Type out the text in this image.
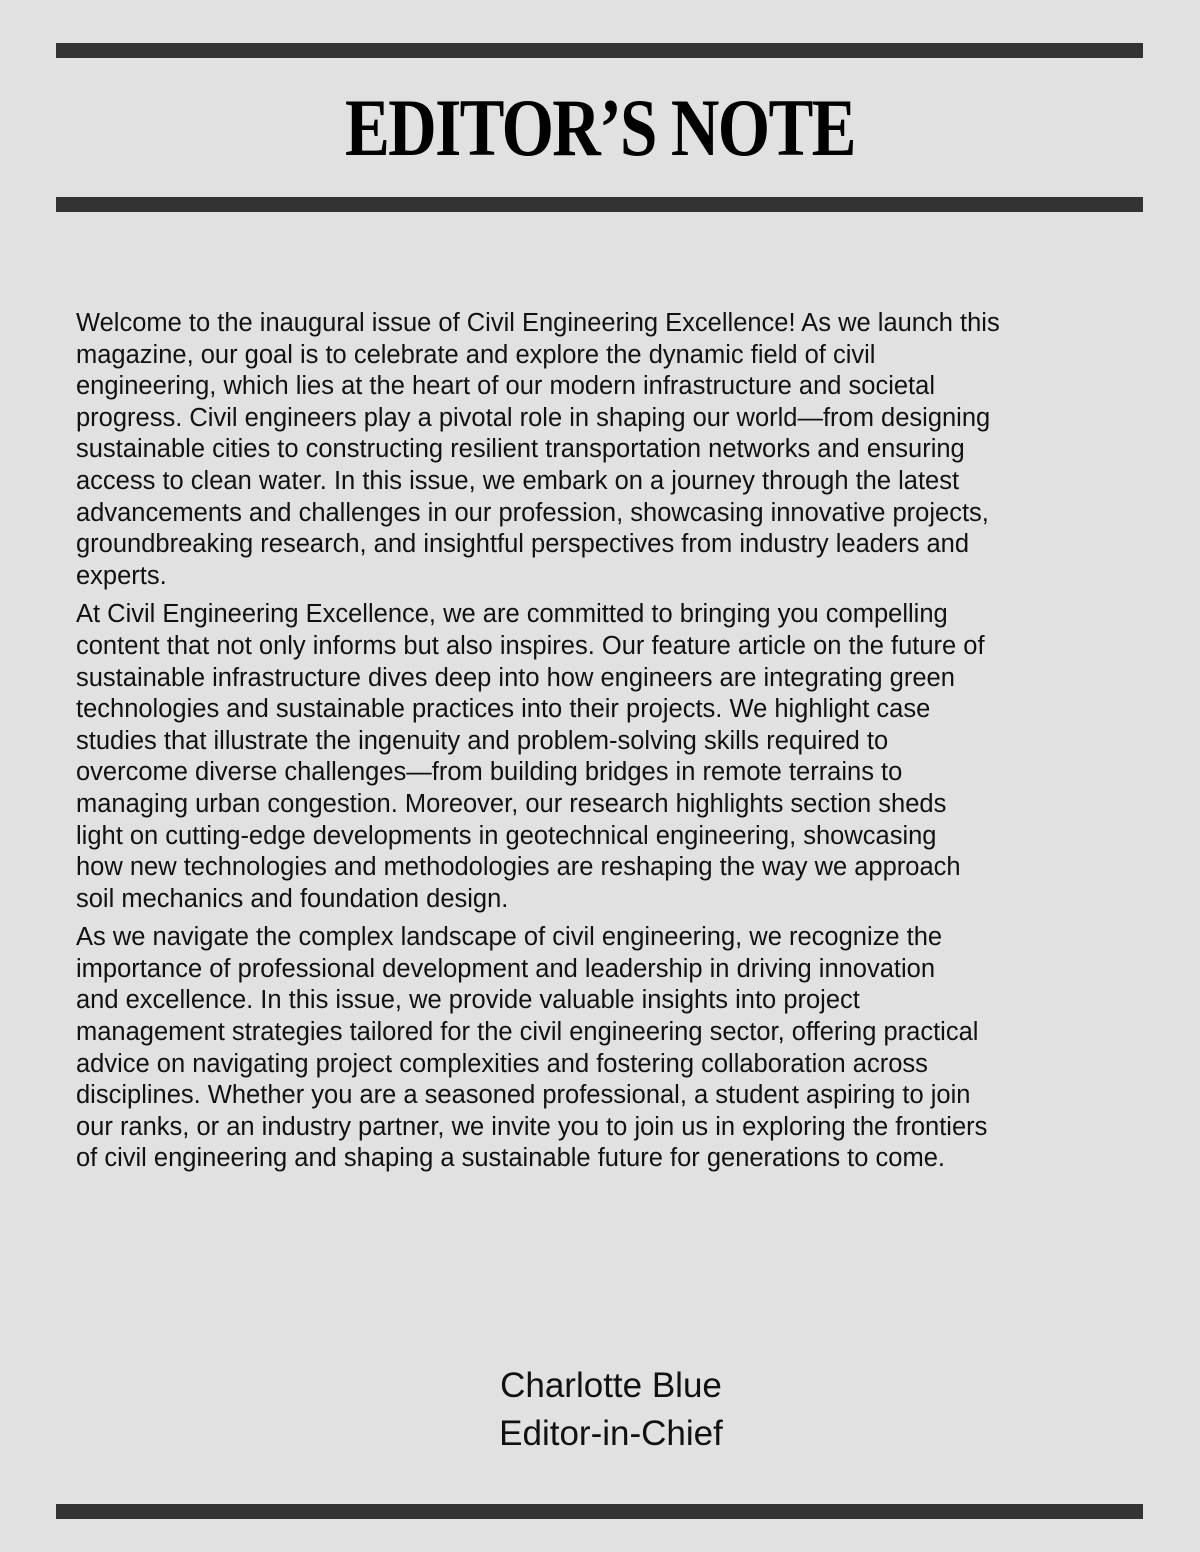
EDITOR’S NOTE

Welcome to the inaugural issue of Civil Engineering Excellence! As we launch this
magazine, our goal is to celebrate and explore the dynamic field of civil
engineering, which lies at the heart of our modern infrastructure and societal
progress. Civil engineers play a pivotal role in shaping our world—from designing
sustainable cities to constructing resilient transportation networks and ensuring
access to clean water. In this issue, we embark on a journey through the latest
advancements and challenges in our profession, showcasing innovative projects,
groundbreaking research, and insightful perspectives from industry leaders and
experts.

At Civil Engineering Excellence, we are committed to bringing you compelling
content that not only informs but also inspires. Our feature article on the future of
sustainable infrastructure dives deep into how engineers are integrating green
technologies and sustainable practices into their projects. We highlight case
studies that illustrate the ingenuity and problem-solving skills required to
overcome diverse challenges—from building bridges in remote terrains to
managing urban congestion. Moreover, our research highlights section sheds
light on cutting-edge developments in geotechnical engineering, showcasing
how new technologies and methodologies are reshaping the way we approach
soil mechanics and foundation design.

As we navigate the complex landscape of civil engineering, we recognize the
importance of professional development and leadership in driving innovation
and excellence. In this issue, we provide valuable insights into project
management strategies tailored for the civil engineering sector, offering practical
advice on navigating project complexities and fostering collaboration across
disciplines. Whether you are a seasoned professional, a student aspiring to join
our ranks, or an industry partner, we invite you to join us in exploring the frontiers
of civil engineering and shaping a sustainable future for generations to come.

Charlotte Blue
Editor-in-Chief
